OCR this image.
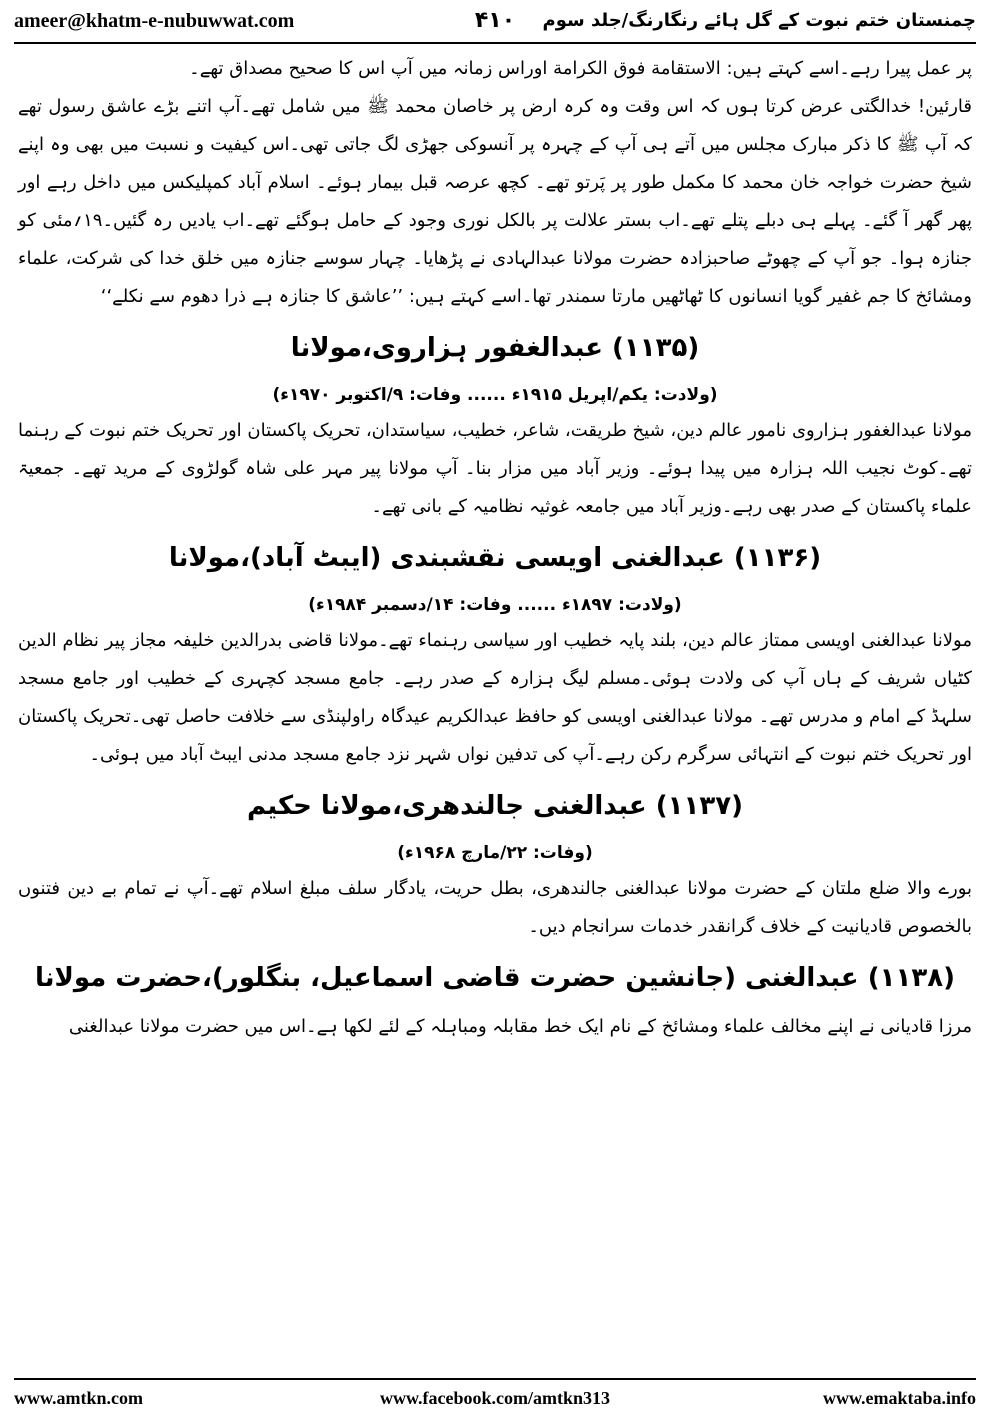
ameer@khatm-e-nubuwwat.com	۴۱۰	چمنستان ختم نبوت کے گل ہائے رنگارنگ/جلد سوم

پر عمل پیرا رہے۔اسے کہتے ہیں: الاستقامة فوق الکرامة اوراس زمانہ میں آپ اس کا صحیح مصداق تھے۔

قارئین! خدالگتی عرض کرتا ہوں کہ اس وقت وہ کرہ ارض پر خاصان محمد ﷺ میں شامل تھے۔آپ اتنے بڑے عاشق رسول تھے کہ آپ ﷺ کا ذکر مبارک مجلس میں آتے ہی آپ کے چہرہ پر آنسوکی جھڑی لگ جاتی تھی۔اس کیفیت و نسبت میں بھی وہ اپنے شیخ حضرت خواجہ خان محمد کا مکمل طور پر پَرتو تھے۔ کچھ عرصہ قبل بیمار ہوئے۔ اسلام آباد کمپلیکس میں داخل رہے اور پھر گھر آ گئے۔ پہلے ہی دبلے پتلے تھے۔اب بستر علالت پر بالکل نوری وجود کے حامل ہوگئے تھے۔اب یادیں رہ گئیں۔۱۹؍مئی کو جنازہ ہوا۔ جو آپ کے چھوٹے صاحبزادہ حضرت مولانا عبدالہادی نے پڑھایا۔ چہار سوسے جنازہ میں خلق خدا کی شرکت، علماء ومشائخ کا جم غفیر گویا انسانوں کا ٹھاٹھیں مارتا سمندر تھا۔اسے کہتے ہیں: ’’عاشق کا جنازہ ہے ذرا دھوم سے نکلے‘‘

(۱۱۳۵) عبدالغفور ہزاروی،مولانا
(ولادت: یکم/اپریل ۱۹۱۵ء ...... وفات: ۹/اکتوبر ۱۹۷۰ء)

مولانا عبدالغفور ہزاروی نامور عالم دین، شیخ طریقت، شاعر، خطیب، سیاستدان، تحریک پاکستان اور تحریک ختم نبوت کے رہنما تھے۔کوٹ نجیب اللہ ہزارہ میں پیدا ہوئے۔ وزیر آباد میں مزار بنا۔ آپ مولانا پیر مہر علی شاہ گولڑوی کے مرید تھے۔ جمعیۃ علماء پاکستان کے صدر بھی رہے۔وزیر آباد میں جامعہ غوثیہ نظامیہ کے بانی تھے۔

(۱۱۳۶) عبدالغنی اویسی نقشبندی (ایبٹ آباد)،مولانا
(ولادت: ۱۸۹۷ء ...... وفات: ۱۴/دسمبر ۱۹۸۴ء)

مولانا عبدالغنی اویسی ممتاز عالم دین، بلند پایہ خطیب اور سیاسی رہنماء تھے۔مولانا قاضی بدرالدین خلیفہ مجاز پیر نظام الدین کٹیاں شریف کے ہاں آپ کی ولادت ہوئی۔مسلم لیگ ہزارہ کے صدر رہے۔ جامع مسجد کچہری کے خطیب اور جامع مسجد سلہڈ کے امام و مدرس تھے۔ مولانا عبدالغنی اویسی کو حافظ عبدالکریم عیدگاہ راولپنڈی سے خلافت حاصل تھی۔تحریک پاکستان اور تحریک ختم نبوت کے انتہائی سرگرم رکن رہے۔آپ کی تدفین نواں شہر نزد جامع مسجد مدنی ایبٹ آباد میں ہوئی۔

(۱۱۳۷) عبدالغنی جالندھری،مولانا حکیم
(وفات: ۲۲/مارچ ۱۹۶۸ء)

بورے والا ضلع ملتان کے حضرت مولانا عبدالغنی جالندھری، بطل حریت، یادگار سلف مبلغ اسلام تھے۔آپ نے تمام بے دین فتنوں بالخصوص قادیانیت کے خلاف گرانقدر خدمات سرانجام دیں۔

(۱۱۳۸) عبدالغنی (جانشین حضرت قاضی اسماعیل، بنگلور)،حضرت مولانا

مرزا قادیانی نے اپنے مخالف علماء ومشائخ کے نام ایک خط مقابلہ ومباہلہ کے لئے لکھا ہے۔اس میں حضرت مولانا عبدالغنی

www.amtkn.com	www.facebook.com/amtkn313	www.emaktaba.info
